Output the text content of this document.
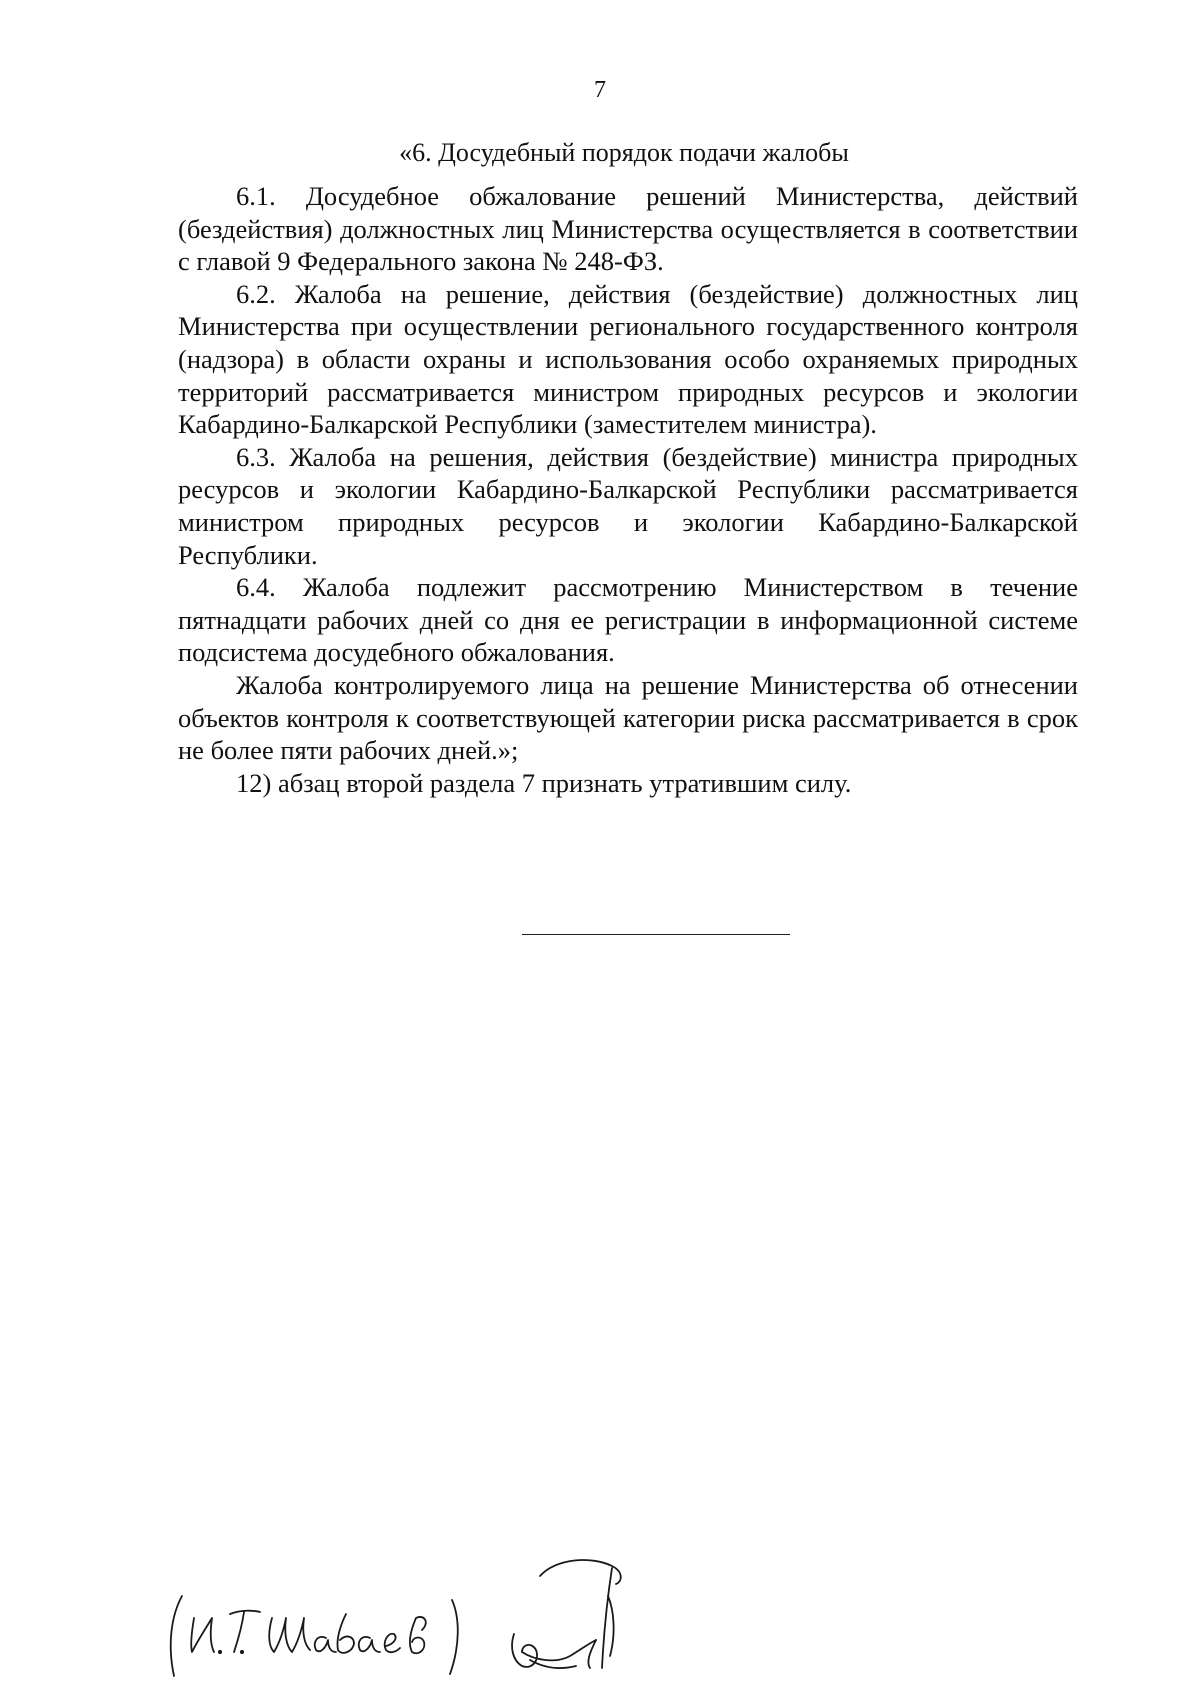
7
«6. Досудебный порядок подачи жалобы

6.1. Досудебное обжалование решений Министерства, действий (бездействия) должностных лиц Министерства осуществляется в соответствии с главой 9 Федерального закона № 248-ФЗ.

6.2. Жалоба на решение, действия (бездействие) должностных лиц Министерства при осуществлении регионального государственного контроля (надзора) в области охраны и использования особо охраняемых природных территорий рассматривается министром природных ресурсов и экологии Кабардино-Балкарской Республики (заместителем министра).

6.3. Жалоба на решения, действия (бездействие) министра природных ресурсов и экологии Кабардино-Балкарской Республики рассматривается министром природных ресурсов и экологии Кабардино-Балкарской Республики.

6.4. Жалоба подлежит рассмотрению Министерством в течение пятнадцати рабочих дней со дня ее регистрации в информационной системе подсистема досудебного обжалования.

Жалоба контролируемого лица на решение Министерства об отнесении объектов контроля к соответствующей категории риска рассматривается в срок не более пяти рабочих дней.»;

12) абзац второй раздела 7 признать утратившим силу.
